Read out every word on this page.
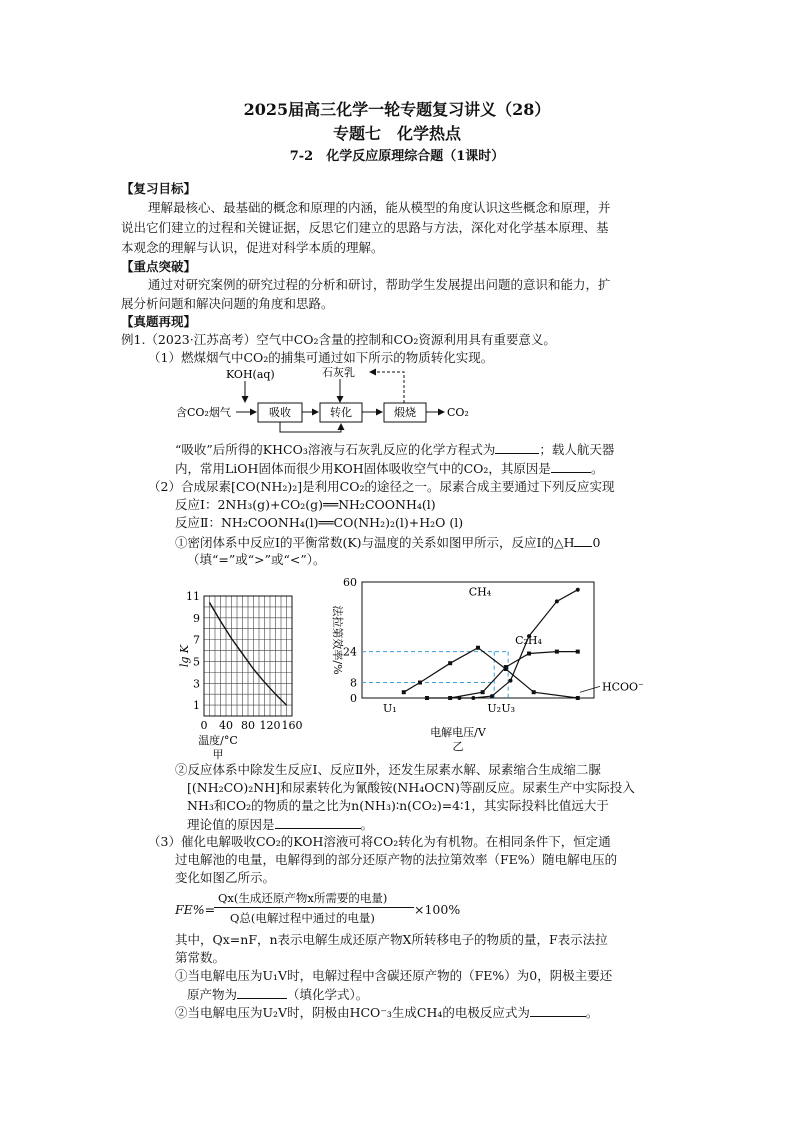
2025届高三化学一轮专题复习讲义（28）
专题七　化学热点
7-2　化学反应原理综合题（1课时）
【复习目标】
理解最核心、最基础的概念和原理的内涵，能从模型的角度认识这些概念和原理，并
说出它们建立的过程和关键证据，反思它们建立的思路与方法，深化对化学基本原理、基
本观念的理解与认识，促进对科学本质的理解。
【重点突破】
通过对研究案例的研究过程的分析和研讨，帮助学生发展提出问题的意识和能力，扩
展分析问题和解决问题的角度和思路。
【真题再现】
例1.（2023·江苏高考）空气中CO₂含量的控制和CO₂资源利用具有重要意义。
（1）燃煤烟气中CO₂的捕集可通过如下所示的物质转化实现。
KOH(aq)	石灰乳
含CO₂烟气	吸收	转化	煅烧	CO₂
“吸收”后所得的KHCO₃溶液与石灰乳反应的化学方程式为	；载人航天器
内，常用LiOH固体而很少用KOH固体吸收空气中的CO₂，其原因是	。
（2）合成尿素[CO(NH₂)₂]是利用CO₂的途径之一。尿素合成主要通过下列反应实现
反应Ⅰ：2NH₃(g)+CO₂(g)══NH₂COONH₄(l)
反应Ⅱ：NH₂COONH₄(l)══CO(NH₂)₂(l)+H₂O (l)
①密闭体系中反应Ⅰ的平衡常数(K)与温度的关系如图甲所示，反应Ⅰ的△H 0
（填“=”或“>”或“<”）。
1
3
5
7
9
11
0 40 80 120 160
lg K
温度/°C
甲
0
8
24
60
U₁	U₂ U₃
CH₄
C₂H₄
HCOO⁻
法拉第效率/%
电解电压/V
乙
②反应体系中除发生反应Ⅰ、反应Ⅱ外，还发生尿素水解、尿素缩合生成缩二脲
[(NH₂CO)₂NH]和尿素转化为氰酸铵(NH₄OCN)等副反应。尿素生产中实际投入
NH₃和CO₂的物质的量之比为n(NH₃)∶n(CO₂)=4∶1，其实际投料比值远大于
理论值的原因是	。
（3）催化电解吸收CO₂的KOH溶液可将CO₂转化为有机物。在相同条件下，恒定通
过电解池的电量，电解得到的部分还原产物的法拉第效率（FE%）随电解电压的
变化如图乙所示。
FE%=
Qx(生成还原产物x所需要的电量)
Q总(电解过程中通过的电量)
×100%
其中，Qx=nF，n表示电解生成还原产物X所转移电子的物质的量，F表示法拉
第常数。
①当电解电压为U₁V时，电解过程中含碳还原产物的（FE%）为0，阴极主要还
原产物为	（填化学式）。
②当电解电压为U₂V时，阴极由HCO⁻₃生成CH₄的电极反应式为	。
